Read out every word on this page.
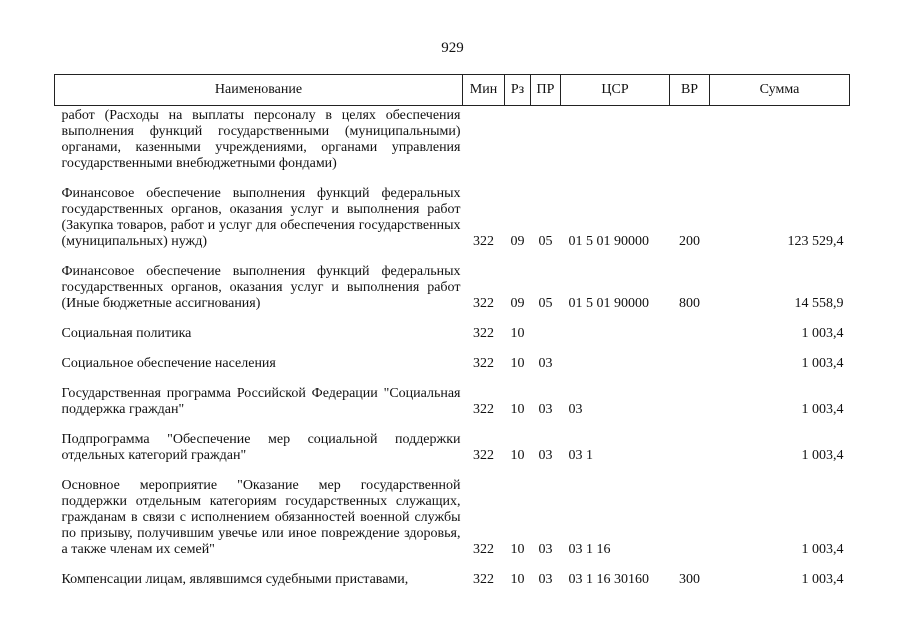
929
Наименование	Мин	Рз	ПР	ЦСР	ВР	Сумма
работ (Расходы на выплаты персоналу в целях обеспечения выполнения функций государственными (муниципальными) органами, казенными учреждениями, органами управления государственными внебюджетными фондами)						

Финансовое обеспечение выполнения функций федеральных государственных органов, оказания услуг и выполнения работ (Закупка товаров, работ и услуг для обеспечения государственных (муниципальных) нужд)	322	09	05	01 5 01 90000	200	123 529,4

Финансовое обеспечение выполнения функций федеральных государственных органов, оказания услуг и выполнения работ (Иные бюджетные ассигнования)	322	09	05	01 5 01 90000	800	14 558,9

Социальная политика	322	10				1 003,4

Социальное обеспечение населения	322	10	03			1 003,4

Государственная программа Российской Федерации "Социальная поддержка граждан"	322	10	03	03		1 003,4

Подпрограмма "Обеспечение мер социальной поддержки отдельных категорий граждан"	322	10	03	03 1		1 003,4

Основное мероприятие "Оказание мер государственной поддержки отдельным категориям государственных служащих, гражданам в связи с исполнением обязанностей военной службы по призыву, получившим увечье или иное повреждение здоровья, а также членам их семей"	322	10	03	03 1 16		1 003,4

Компенсации лицам, являвшимся судебными приставами,	322	10	03	03 1 16 30160	300	1 003,4
